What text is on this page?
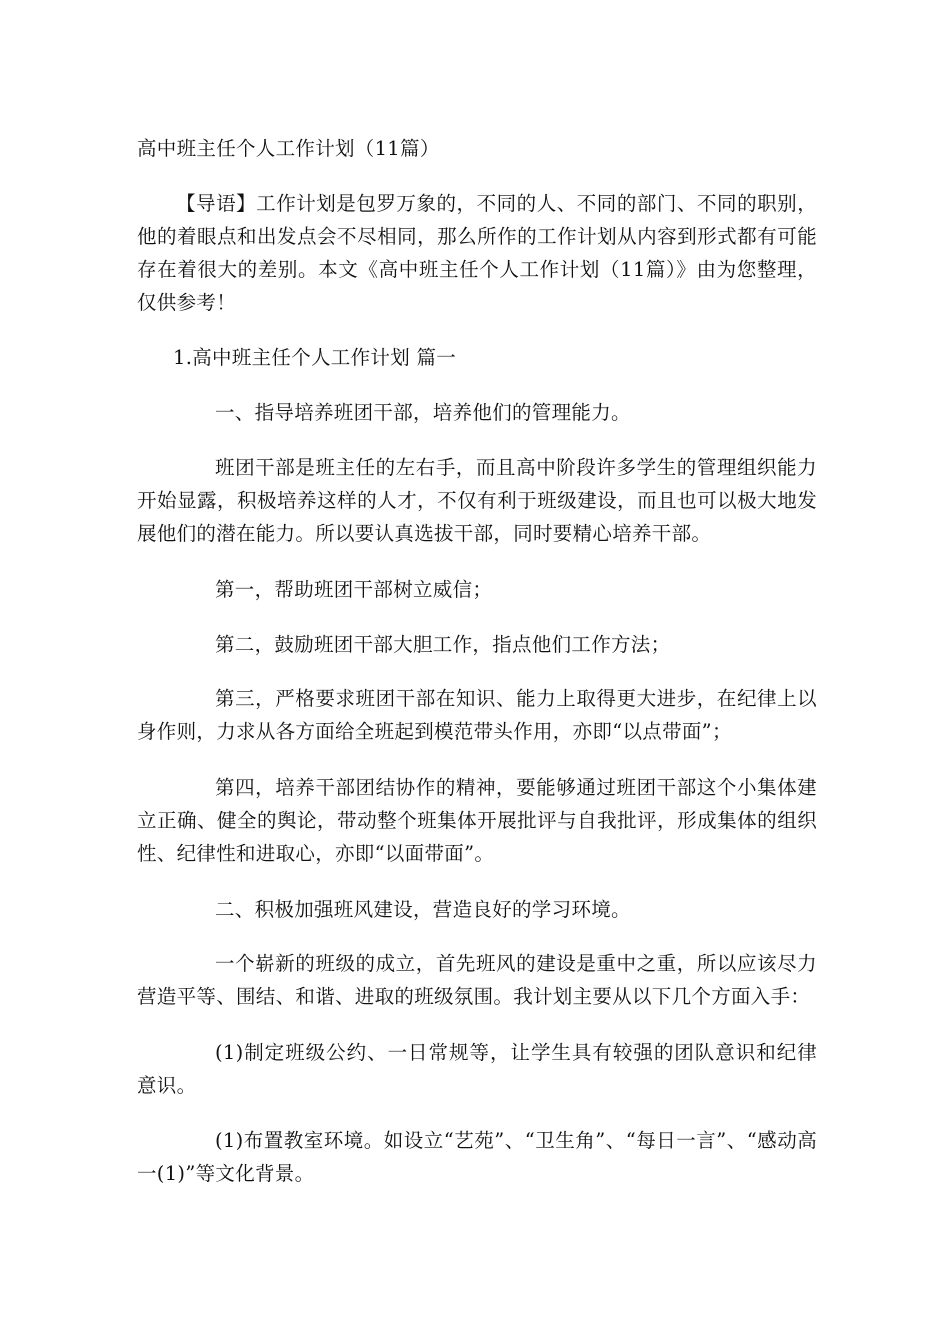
高中班主任个人工作计划（11篇）

【导语】工作计划是包罗万象的，不同的人、不同的部门、不同的职别，他的着眼点和出发点会不尽相同，那么所作的工作计划从内容到形式都有可能存在着很大的差别。本文《高中班主任个人工作计划（11篇）》由为您整理，仅供参考！

1.高中班主任个人工作计划 篇一

一、指导培养班团干部，培养他们的管理能力。

班团干部是班主任的左右手，而且高中阶段许多学生的管理组织能力开始显露，积极培养这样的人才，不仅有利于班级建设，而且也可以极大地发展他们的潜在能力。所以要认真选拔干部，同时要精心培养干部。

第一，帮助班团干部树立威信；

第二，鼓励班团干部大胆工作，指点他们工作方法；

第三，严格要求班团干部在知识、能力上取得更大进步，在纪律上以身作则，力求从各方面给全班起到模范带头作用，亦即“以点带面”；

第四，培养干部团结协作的精神，要能够通过班团干部这个小集体建立正确、健全的舆论，带动整个班集体开展批评与自我批评，形成集体的组织性、纪律性和进取心，亦即“以面带面”。

二、积极加强班风建设，营造良好的学习环境。

一个崭新的班级的成立，首先班风的建设是重中之重，所以应该尽力营造平等、围结、和谐、进取的班级氛围。我计划主要从以下几个方面入手：

(1)制定班级公约、一日常规等，让学生具有较强的团队意识和纪律意识。

(1)布置教室环境。如设立“艺苑”、“卫生角”、“每日一言”、“感动高一(1)”等文化背景。
